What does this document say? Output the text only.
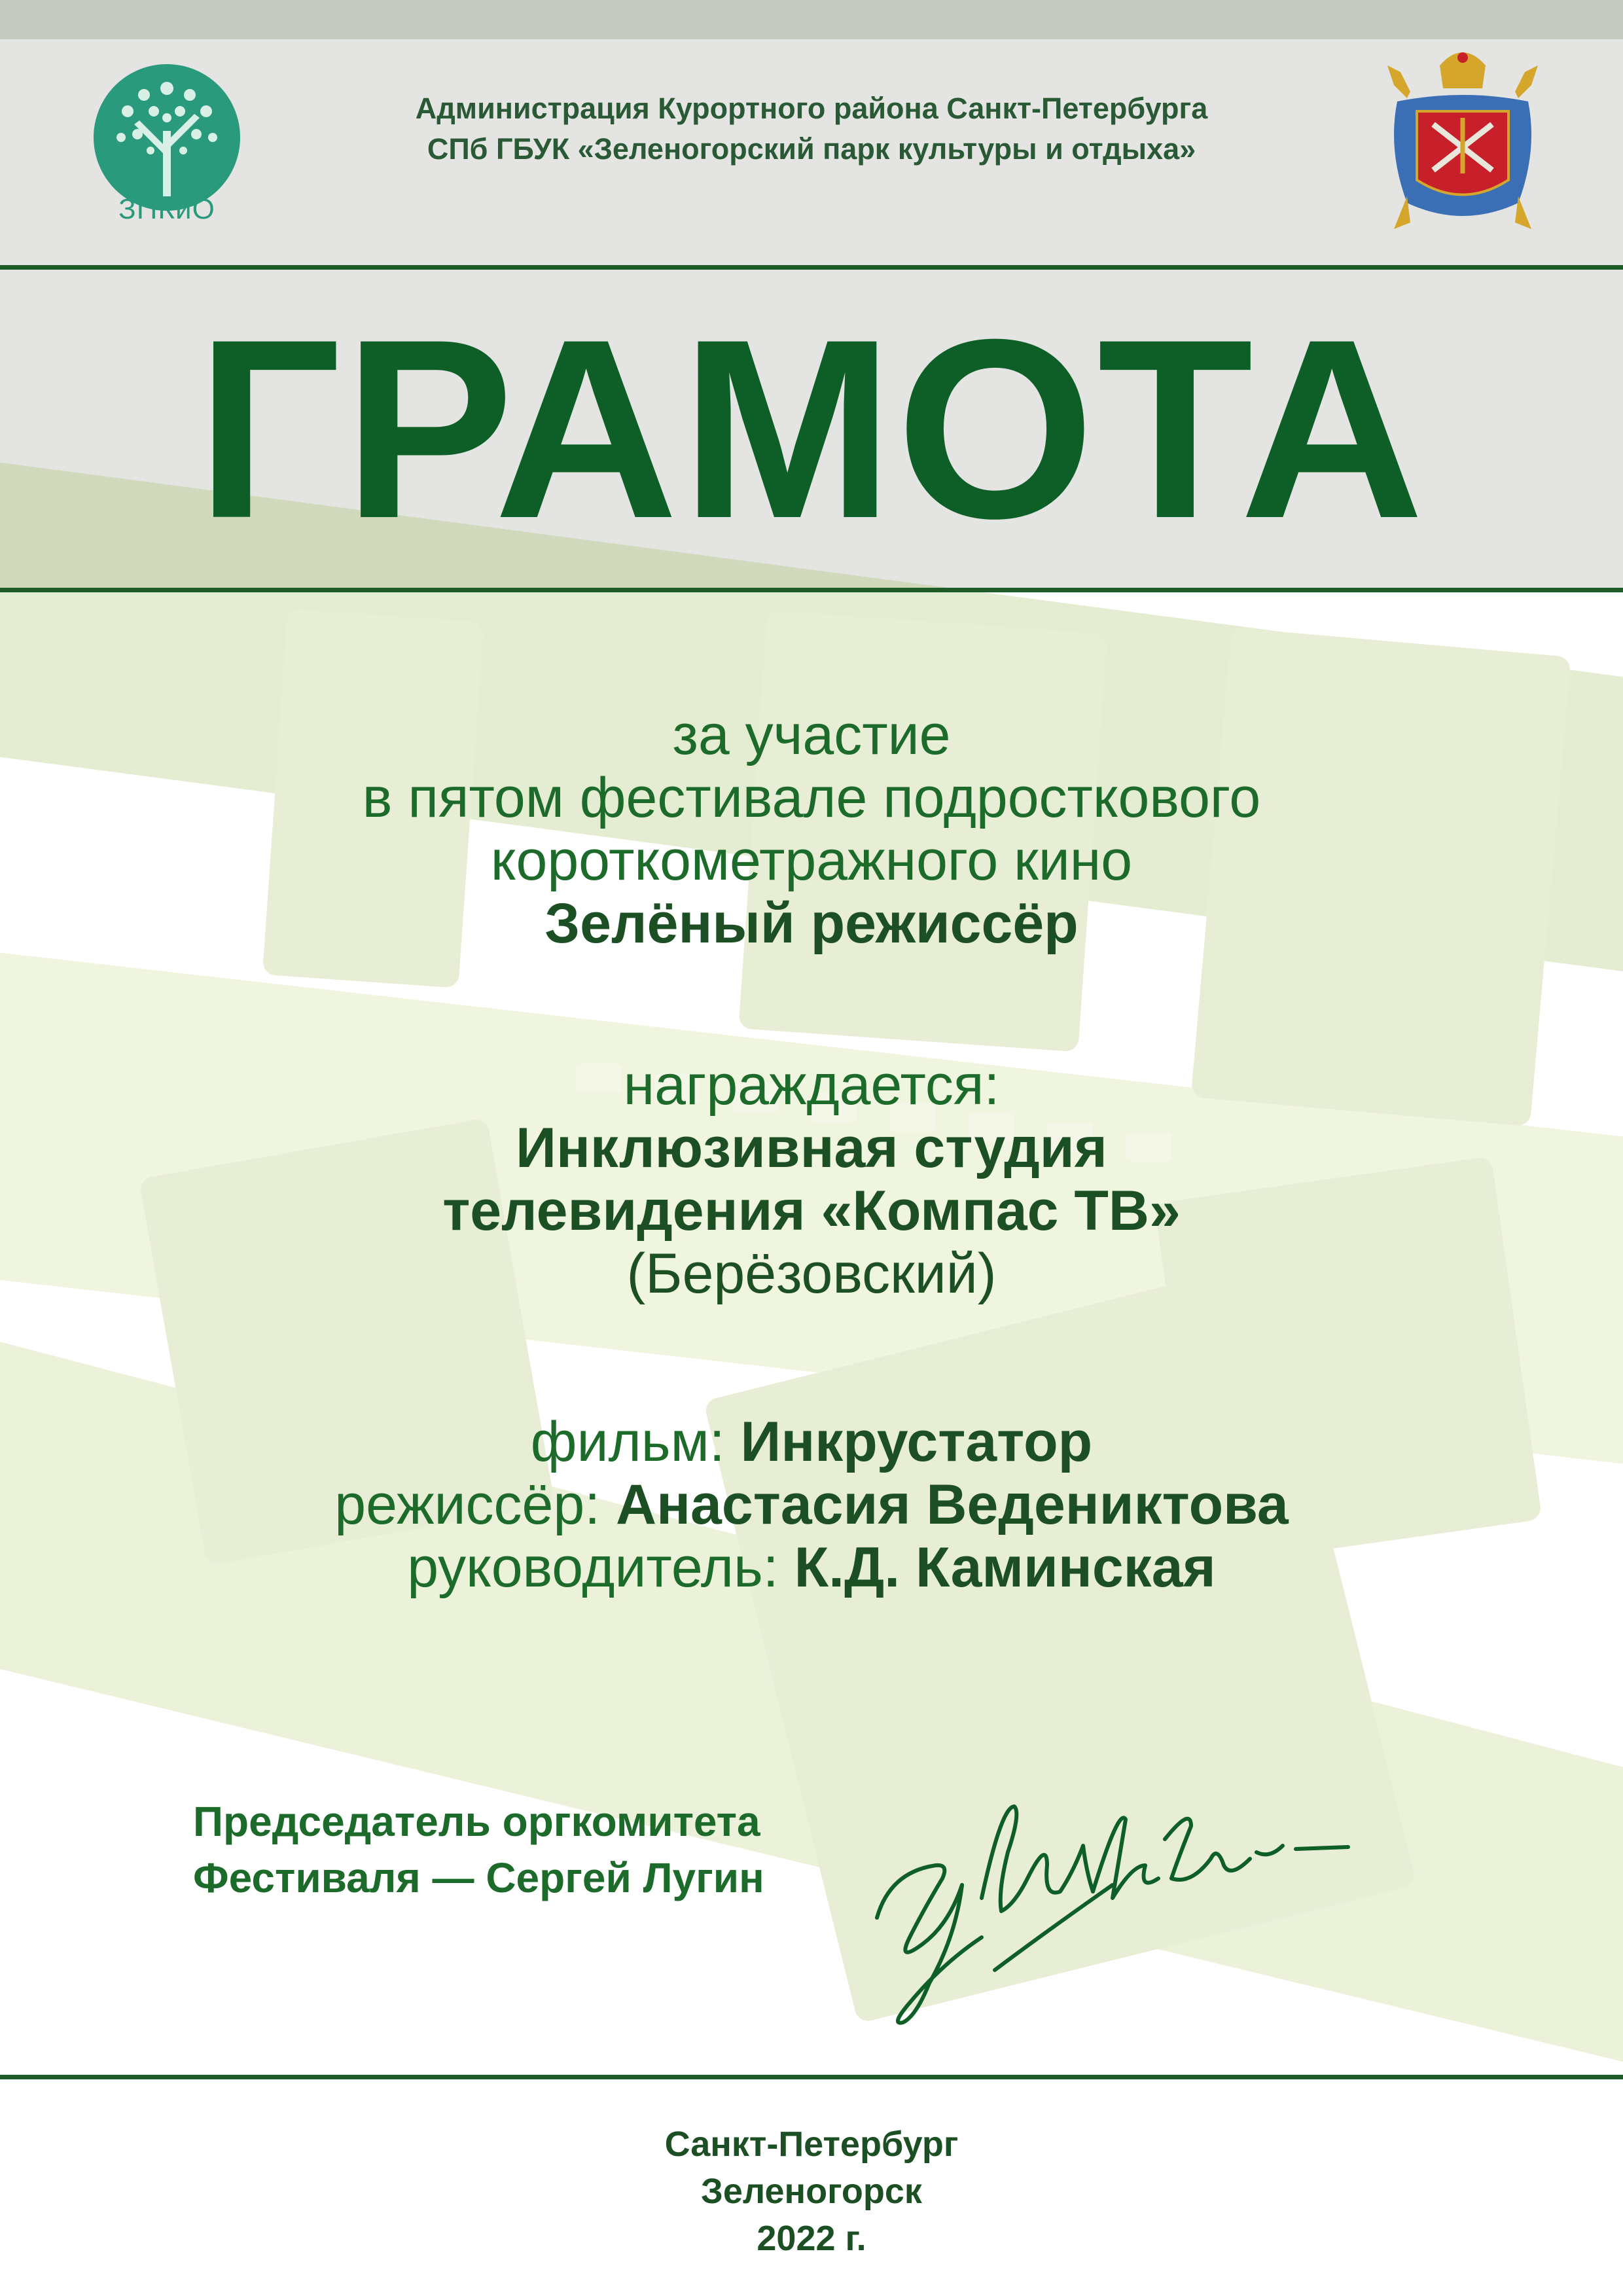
ЗПКиО
Администрация Курортного района Санкт-Петербурга
СПб ГБУК «Зеленогорский парк культуры и отдыха»
ГРАМОТА
за участие
в пятом фестивале подросткового
короткометражного кино
Зелёный режиссёр
награждается:
Инклюзивная студия
телевидения «Компас ТВ»
(Берёзовский)
фильм: Инкрустатор
режиссёр: Анастасия Ведениктова
руководитель: К.Д. Каминская
Председатель оргкомитета
Фестиваля — Сергей Лугин
Санкт-Петербург
Зеленогорск
2022 г.
